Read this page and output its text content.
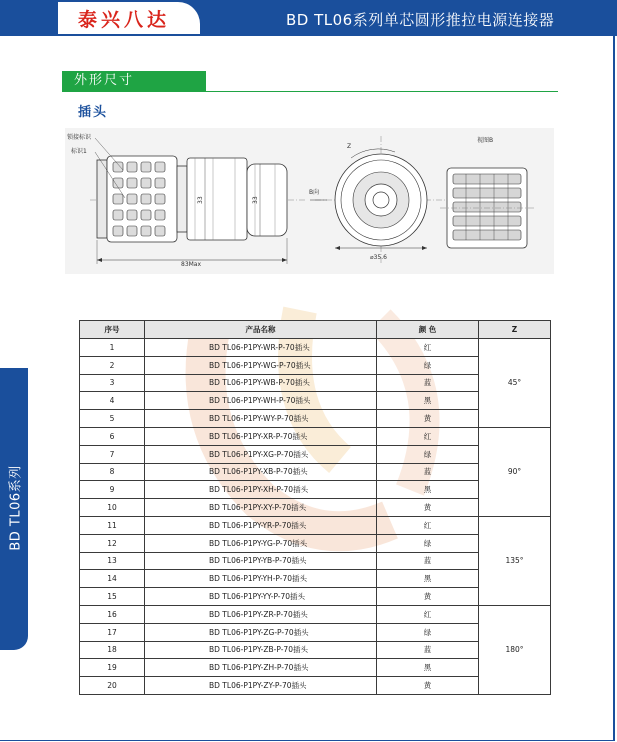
泰兴八达	BD TL06系列单芯圆形推拉电源连接器
BD TL06系列
外形尺寸
插头
锁接标识
标识1
83Max
33	33
B向
Z
⌀35.6
视图B
序号	产品名称	颜 色	Z
1	BD TL06-P1PY-WR-P-70插头	红	45°
2	BD TL06-P1PY-WG-P-70插头	绿	
3	BD TL06-P1PY-WB-P-70插头	蓝	
4	BD TL06-P1PY-WH-P-70插头	黑	
5	BD TL06-P1PY-WY-P-70插头	黄	
6	BD TL06-P1PY-XR-P-70插头	红	90°
7	BD TL06-P1PY-XG-P-70插头	绿	
8	BD TL06-P1PY-XB-P-70插头	蓝	
9	BD TL06-P1PY-XH-P-70插头	黑	
10	BD TL06-P1PY-XY-P-70插头	黄	
11	BD TL06-P1PY-YR-P-70插头	红	135°
12	BD TL06-P1PY-YG-P-70插头	绿	
13	BD TL06-P1PY-YB-P-70插头	蓝	
14	BD TL06-P1PY-YH-P-70插头	黑	
15	BD TL06-P1PY-YY-P-70插头	黄	
16	BD TL06-P1PY-ZR-P-70插头	红	180°
17	BD TL06-P1PY-ZG-P-70插头	绿	
18	BD TL06-P1PY-ZB-P-70插头	蓝	
19	BD TL06-P1PY-ZH-P-70插头	黑	
20	BD TL06-P1PY-ZY-P-70插头	黄	
